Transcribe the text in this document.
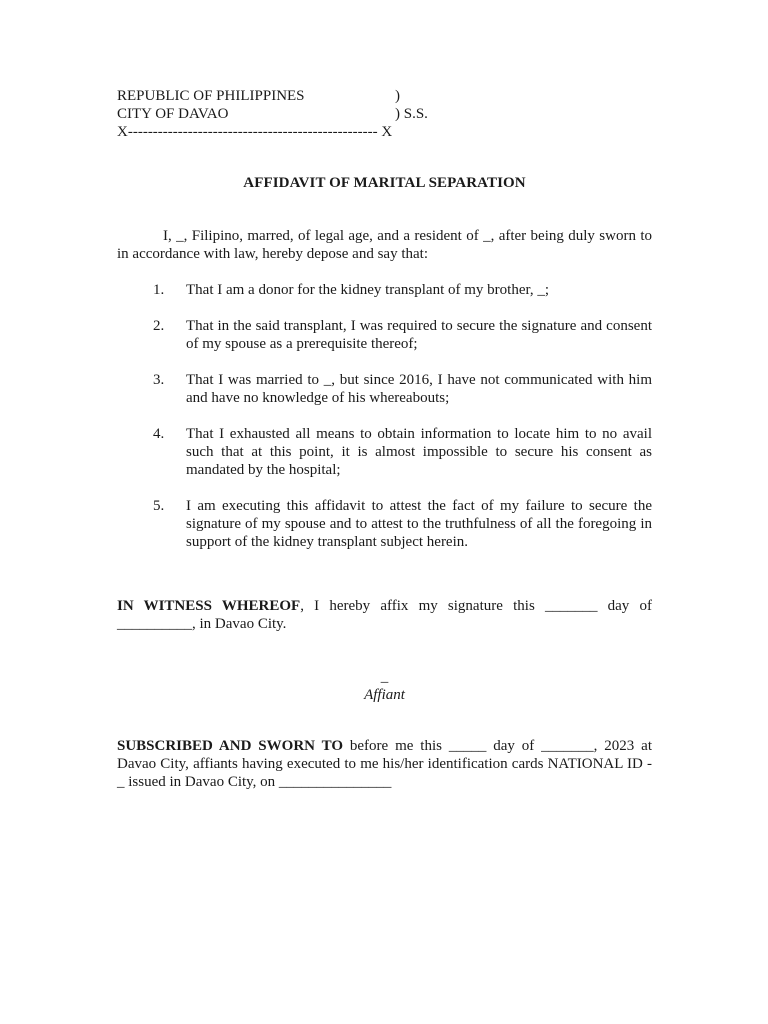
REPUBLIC OF PHILIPPINES	)
CITY OF DAVAO	) S.S.
X-------------------------------------------------- X
AFFIDAVIT OF MARITAL SEPARATION
I, _, Filipino, marred, of legal age, and a resident of _, after being duly sworn to in accordance with law, hereby depose and say that:
1. That I am a donor for the kidney transplant of my brother, _;
2. That in the said transplant, I was required to secure the signature and consent of my spouse as a prerequisite thereof;
3. That I was married to _, but since 2016, I have not communicated with him and have no knowledge of his whereabouts;
4. That I exhausted all means to obtain information to locate him to no avail such that at this point, it is almost impossible to secure his consent as mandated by the hospital;
5. I am executing this affidavit to attest the fact of my failure to secure the signature of my spouse and to attest to the truthfulness of all the foregoing in support of the kidney transplant subject herein.
IN WITNESS WHEREOF, I hereby affix my signature this _______ day of __________, in Davao City.
_
Affiant
SUBSCRIBED AND SWORN TO before me this _____ day of _______, 2023 at Davao City, affiants having executed to me his/her identification cards NATIONAL ID - _ issued in Davao City, on _______________
